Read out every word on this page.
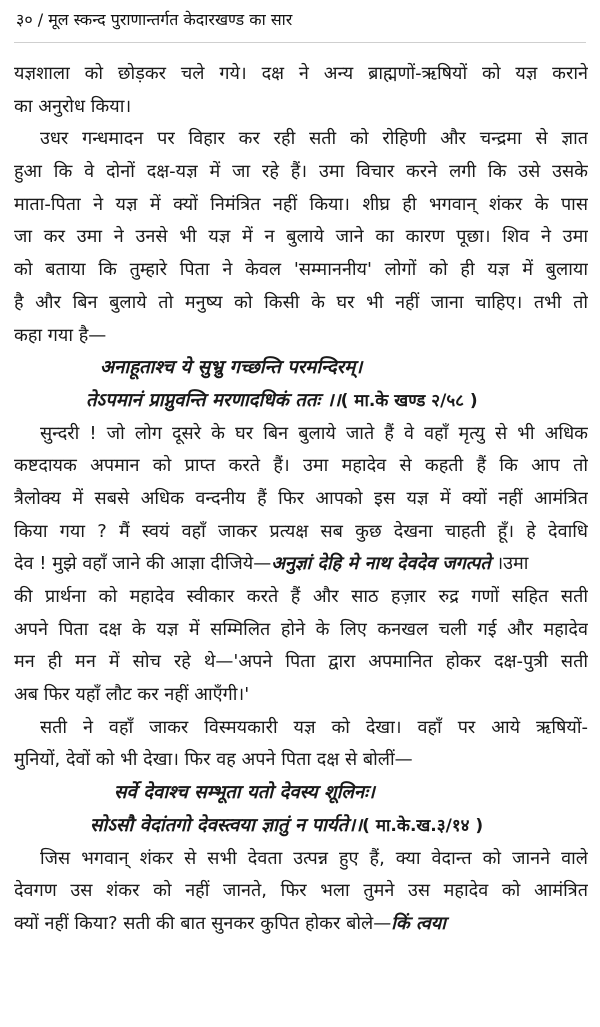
३० / मूल स्कन्द पुराणान्तर्गत केदारखण्ड का सार
यज्ञशाला को छोड़कर चले गये। दक्ष ने अन्य ब्राह्मणों-ऋषियों को यज्ञ कराने
का अनुरोध किया।
उधर गन्धमादन पर विहार कर रही सती को रोहिणी और चन्द्रमा से ज्ञात
हुआ कि वे दोनों दक्ष-यज्ञ में जा रहे हैं। उमा विचार करने लगी कि उसे उसके
माता-पिता ने यज्ञ में क्यों निमंत्रित नहीं किया। शीघ्र ही भगवान् शंकर के पास
जा कर उमा ने उनसे भी यज्ञ में न बुलाये जाने का कारण पूछा। शिव ने उमा
को बताया कि तुम्हारे पिता ने केवल 'सम्माननीय' लोगों को ही यज्ञ में बुलाया
है और बिन बुलाये तो मनुष्य को किसी के घर भी नहीं जाना चाहिए। तभी तो
कहा गया है—
अनाहूताश्च ये सुभ्रु गच्छन्ति परमन्दिरम्।
तेऽपमानं प्राप्नुवन्ति मरणादधिकं ततः ।।( मा.के खण्ड २/५८ )
सुन्दरी ! जो लोग दूसरे के घर बिन बुलाये जाते हैं वे वहाँ मृत्यु से भी अधिक
कष्टदायक अपमान को प्राप्त करते हैं। उमा महादेव से कहती हैं कि आप तो
त्रैलोक्य में सबसे अधिक वन्दनीय हैं फिर आपको इस यज्ञ में क्यों नहीं आमंत्रित
किया गया ? मैं स्वयं वहाँ जाकर प्रत्यक्ष सब कुछ देखना चाहती हूँ। हे देवाधि
देव ! मुझे वहाँ जाने की आज्ञा दीजिये—अनुज्ञां देहि मे नाथ देवदेव जगत्पते ।उमा
की प्रार्थना को महादेव स्वीकार करते हैं और साठ हज़ार रुद्र गणों सहित सती
अपने पिता दक्ष के यज्ञ में सम्मिलित होने के लिए कनखल चली गई और महादेव
मन ही मन में सोच रहे थे—'अपने पिता द्वारा अपमानित होकर दक्ष-पुत्री सती
अब फिर यहाँ लौट कर नहीं आएँगी।'
सती ने वहाँ जाकर विस्मयकारी यज्ञ को देखा। वहाँ पर आये ऋषियों-
मुनियों, देवों को भी देखा। फिर वह अपने पिता दक्ष से बोलीं—
सर्वे देवाश्च सम्भूता यतो देवस्य शूलिनः।
सोऽसौ वेदांतगो देवस्त्वया ज्ञातुं न पार्यते।।( मा.के.ख.३/१४ )
जिस भगवान् शंकर से सभी देवता उत्पन्न हुए हैं, क्या वेदान्त को जानने वाले
देवगण उस शंकर को नहीं जानते, फिर भला तुमने उस महादेव को आमंत्रित
क्यों नहीं किया? सती की बात सुनकर कुपित होकर बोले—किं त्वया
